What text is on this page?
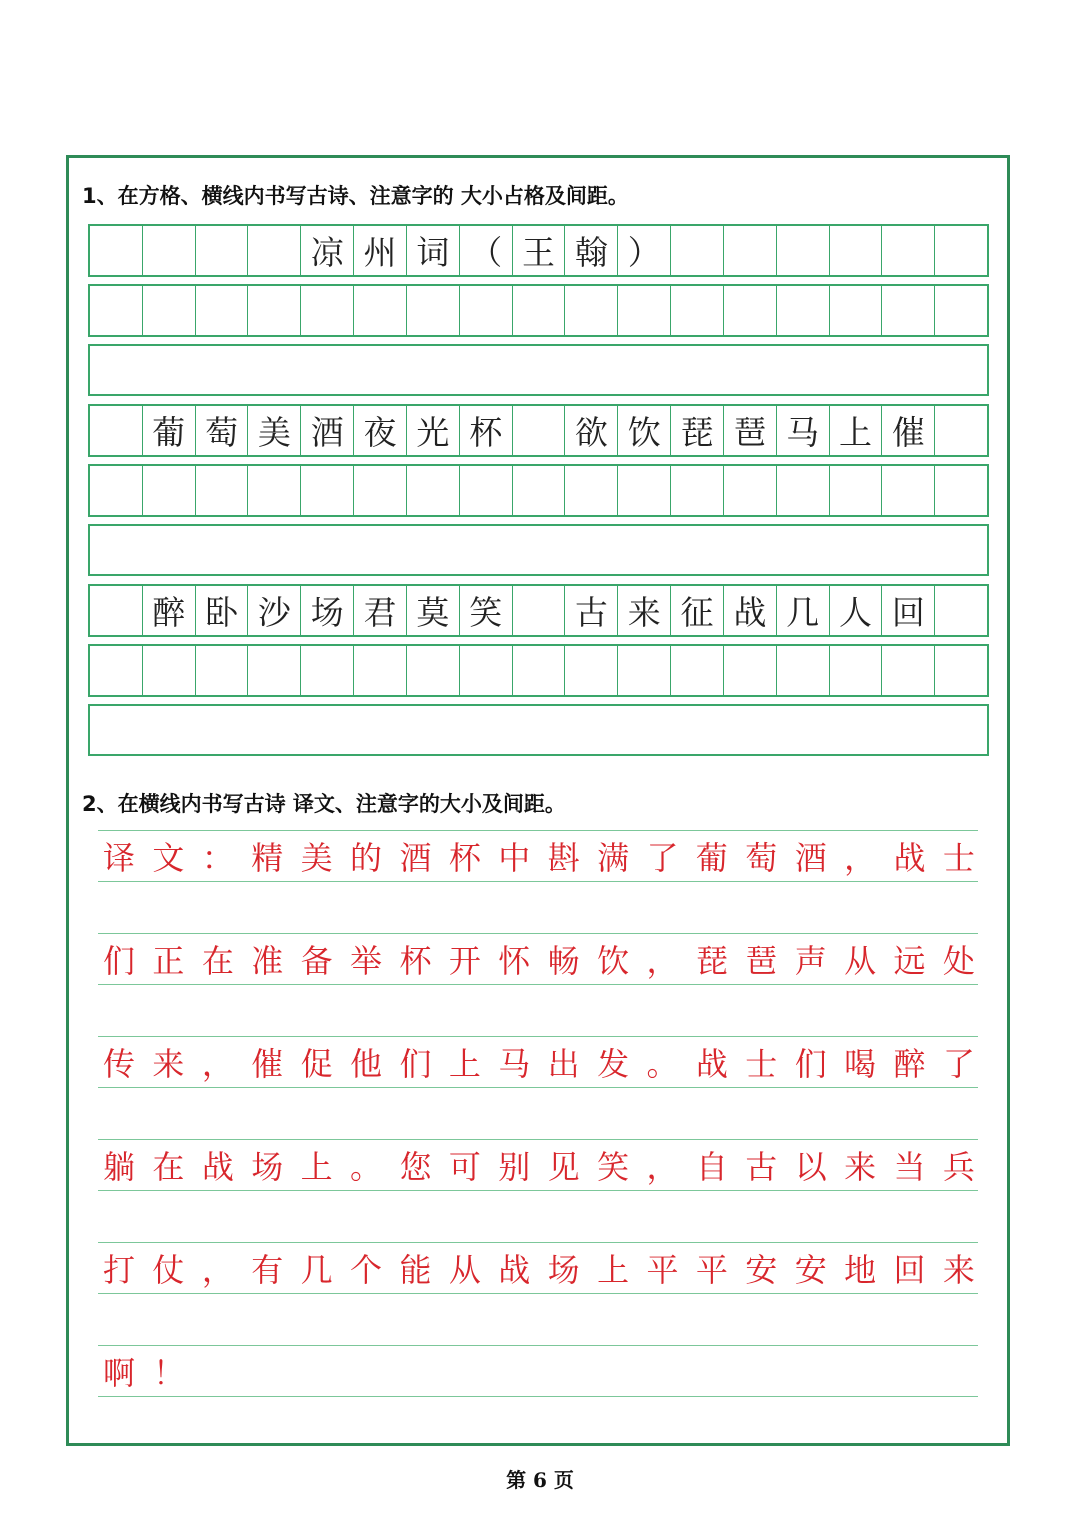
1、在方格、横线内书写古诗、注意字的 大小占格及间距。
凉 州 词 （ 王 翰 ）
葡 萄 美 酒 夜 光 杯	欲 饮 琵 琶 马 上 催
醉 卧 沙 场 君 莫 笑	古 来 征 战 几 人 回
2、在横线内书写古诗 译文、注意字的大小及间距。
译 文 ： 精 美 的 酒 杯 中 斟 满 了 葡 萄 酒 ， 战 士
们 正 在 准 备 举 杯 开 怀 畅 饮 ， 琵 琶 声 从 远 处
传 来 ， 催 促 他 们 上 马 出 发 。 战 士 们 喝 醉 了
躺 在 战 场 上 。 您 可 别 见 笑 ， 自 古 以 来 当 兵
打 仗 ， 有 几 个 能 从 战 场 上 平 平 安 安 地 回 来
啊 ！
第 6 页
